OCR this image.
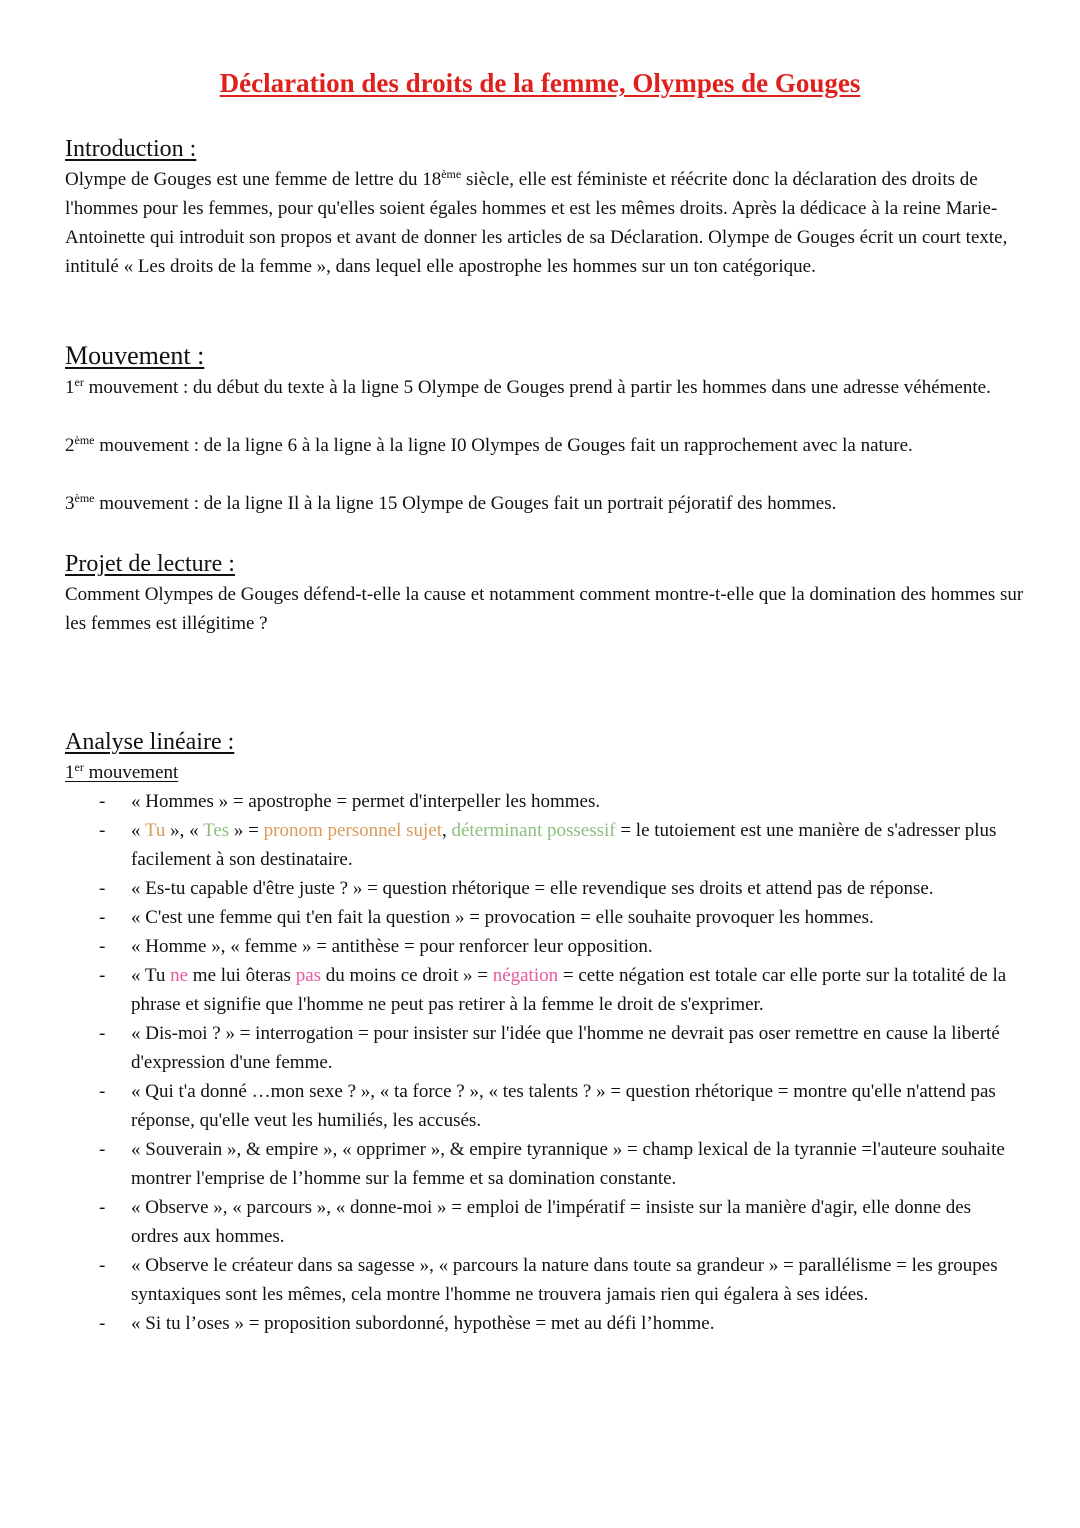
Déclaration des droits de la femme, Olympes de Gouges
Introduction :

Olympe de Gouges est une femme de lettre du 18ème siècle, elle est féministe et réécrite donc la déclaration des droits de l'hommes pour les femmes, pour qu'elles soient égales hommes et est les mêmes droits. Après la dédicace à la reine Marie-Antoinette qui introduit son propos et avant de donner les articles de sa Déclaration. Olympe de Gouges écrit un court texte, intitulé « Les droits de la femme », dans lequel elle apostrophe les hommes sur un ton catégorique.

Mouvement :

1er mouvement : du début du texte à la ligne 5 Olympe de Gouges prend à partir les hommes dans une adresse véhémente.

2ème mouvement : de la ligne 6 à la ligne à la ligne I0 Olympes de Gouges fait un rapprochement avec la nature.

3ème mouvement : de la ligne Il à la ligne 15 Olympe de Gouges fait un portrait péjoratif des hommes.

Projet de lecture :

Comment Olympes de Gouges défend-t-elle la cause et notamment comment montre-t-elle que la domination des hommes sur les femmes est illégitime ?

Analyse linéaire :
1er mouvement
- « Hommes » = apostrophe = permet d'interpeller les hommes.
- « Tu », « Tes » = pronom personnel sujet, déterminant possessif = le tutoiement est une manière de s'adresser plus facilement à son destinataire.
- « Es-tu capable d'être juste ? » = question rhétorique = elle revendique ses droits et attend pas de réponse.
- « C'est une femme qui t'en fait la question » = provocation = elle souhaite provoquer les hommes.
- « Homme », « femme » = antithèse = pour renforcer leur opposition.
- « Tu ne me lui ôteras pas du moins ce droit » = négation = cette négation est totale car elle porte sur la totalité de la phrase et signifie que l'homme ne peut pas retirer à la femme le droit de s'exprimer.
- « Dis-moi ? » = interrogation = pour insister sur l'idée que l'homme ne devrait pas oser remettre en cause la liberté d'expression d'une femme.
- « Qui t'a donné …mon sexe ? », « ta force ? », « tes talents ? » = question rhétorique = montre qu'elle n'attend pas réponse, qu'elle veut les humiliés, les accusés.
- « Souverain », & empire », « opprimer », & empire tyrannique » = champ lexical de la tyrannie =l'auteure souhaite montrer l'emprise de l’homme sur la femme et sa domination constante.
- « Observe », « parcours », « donne-moi » = emploi de l'impératif = insiste sur la manière d'agir, elle donne des ordres aux hommes.
- « Observe le créateur dans sa sagesse », « parcours la nature dans toute sa grandeur » = parallélisme = les groupes syntaxiques sont les mêmes, cela montre l'homme ne trouvera jamais rien qui égalera à ses idées.
- « Si tu l’oses » = proposition subordonné, hypothèse = met au défi l’homme.
